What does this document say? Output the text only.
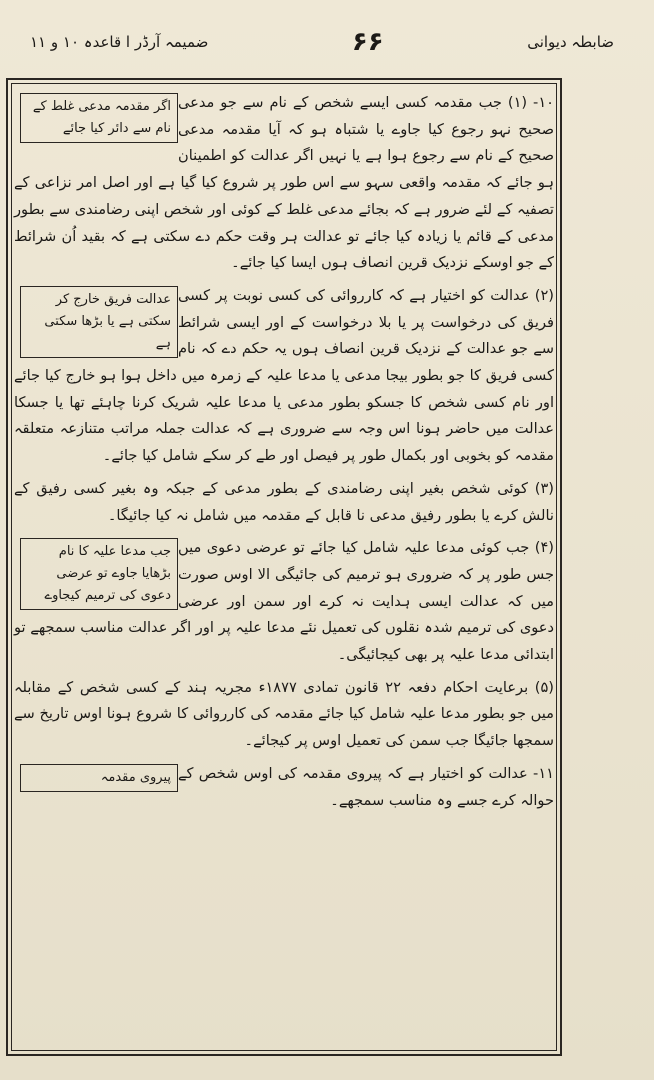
ضابطہ دیوانی
۶۶
ضمیمہ آرڈر ا قاعدہ ۱۰ و ۱۱
اگر مقدمہ مدعی غلط کے نام سے دائر کیا جائے
۱۰- (۱) جب مقدمہ کسی ایسے شخص کے نام سے جو مدعی صحیح نہو رجوع کیا جاوے یا شتباہ ہو کہ آیا مقدمہ مدعی صحیح کے نام سے رجوع ہوا ہے یا نہیں اگر عدالت کو اطمینان ہو جائے کہ مقدمہ واقعی سہو سے اس طور پر شروع کیا گیا ہے اور اصل امر نزاعی کے تصفیہ کے لئے ضرور ہے کہ بجائے مدعی غلط کے کوئی اور شخص اپنی رضامندی سے بطور مدعی کے قائم یا زیادہ کیا جائے تو عدالت ہر وقت حکم دے سکتی ہے کہ بقید اُن شرائط کے جو اوسکے نزدیک قرین انصاف ہوں ایسا کیا جائے۔
عدالت فریق خارج کر سکتی ہے یا بڑھا سکتی ہے
(۲) عدالت کو اختیار ہے کہ کارروائی کی کسی نوبت پر کسی فریق کی درخواست پر یا بلا درخواست کے اور ایسی شرائط سے جو عدالت کے نزدیک قرین انصاف ہوں یہ حکم دے کہ نام کسی فریق کا جو بطور بیجا مدعی یا مدعا علیہ کے زمرہ میں داخل ہوا ہو خارج کیا جائے اور نام کسی شخص کا جسکو بطور مدعی یا مدعا علیہ شریک کرنا چاہئے تھا یا جسکا عدالت میں حاضر ہونا اس وجہ سے ضروری ہے کہ عدالت جملہ مراتب متنازعہ متعلقہ مقدمہ کو بخوبی اور بکمال طور پر فیصل اور طے کر سکے شامل کیا جائے۔
(۳) کوئی شخص بغیر اپنی رضامندی کے بطور مدعی کے جبکہ وہ بغیر کسی رفیق کے نالش کرے یا بطور رفیق مدعی نا قابل کے مقدمہ میں شامل نہ کیا جائیگا۔
جب مدعا علیہ کا نام بڑھایا جاوے تو عرضی دعوی کی ترمیم کیجاوے
(۴) جب کوئی مدعا علیہ شامل کیا جائے تو عرضی دعوی میں جس طور پر کہ ضروری ہو ترمیم کی جائیگی الا اوس صورت میں کہ عدالت ایسی ہدایت نہ کرے اور سمن اور عرضی دعوی کی ترمیم شدہ نقلوں کی تعمیل نئے مدعا علیہ پر اور اگر عدالت مناسب سمجھے تو ابتدائی مدعا علیہ پر بھی کیجائیگی۔
(۵) برعایت احکام دفعہ ۲۲ قانون تمادی ۱۸۷۷ء مجریہ ہند کے کسی شخص کے مقابلہ میں جو بطور مدعا علیہ شامل کیا جائے مقدمہ کی کارروائی کا شروع ہونا اوس تاریخ سے سمجھا جائیگا جب سمن کی تعمیل اوس پر کیجائے۔
پیروی مقدمہ ۱۱- عدالت کو اختیار ہے کہ پیروی مقدمہ کی اوس شخص کے حوالہ کرے جسے وہ مناسب سمجھے۔
